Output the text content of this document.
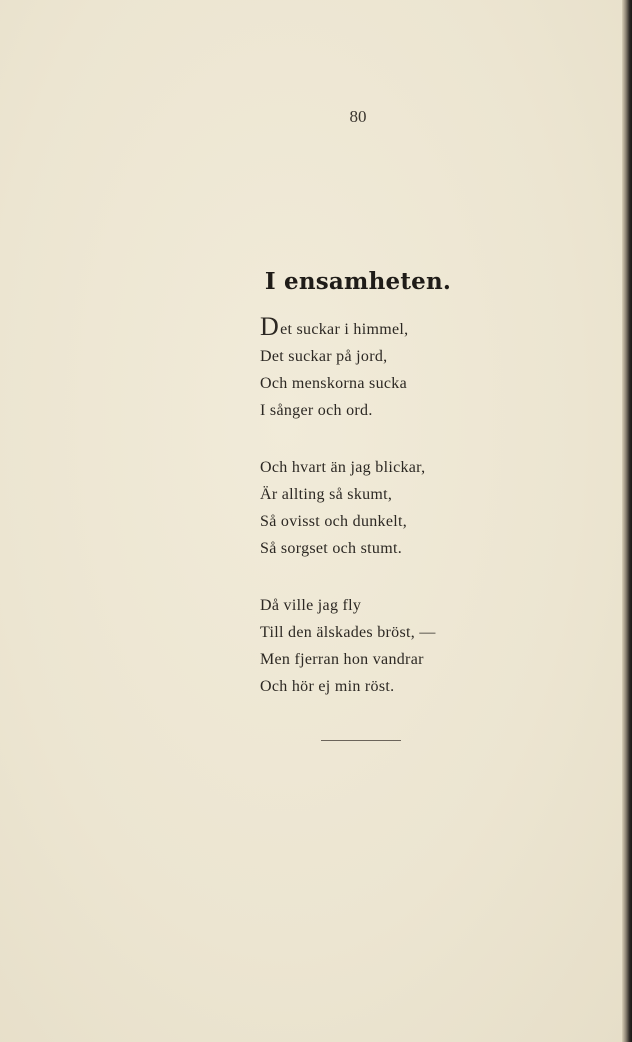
80
I ensamheten.
Det suckar i himmel,
Det suckar på jord,
Och menskorna sucka
I sånger och ord.
Och hvart än jag blickar,
Är allting så skumt,
Så ovisst och dunkelt,
Så sorgset och stumt.
Då ville jag fly
Till den älskades bröst, —
Men fjerran hon vandrar
Och hör ej min röst.
